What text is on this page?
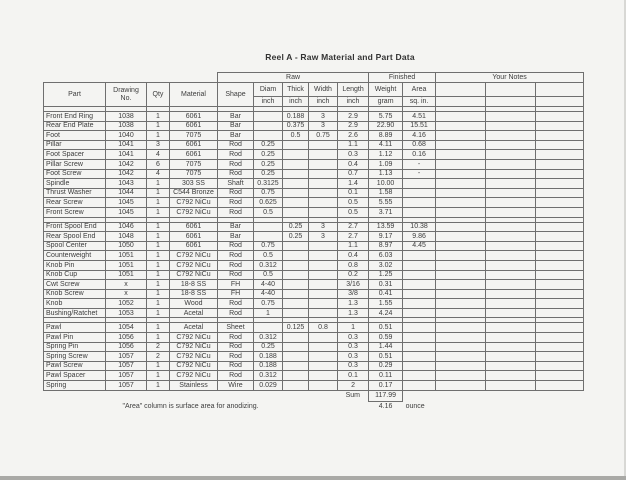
Reel A - Raw Material and Part Data
				Raw					Finished		Your Notes		
Part	Drawing No.	Qty	Material	Shape	Diam	Thick	Width	Length	Weight	Area			
					inch	inch	inch	inch	gram	sq. in.			

Front End Ring	1038	1	6061	Bar		0.188	3	2.9	5.75	4.51			
Rear End Plate	1038	1	6061	Bar		0.375	3	2.9	22.90	15.51			
Foot	1040	1	7075	Bar		0.5	0.75	2.6	8.89	4.16			
Pillar	1041	3	6061	Rod	0.25			1.1	4.11	0.68			
Foot Spacer	1041	4	6061	Rod	0.25			0.3	1.12	0.16			
Pillar Screw	1042	6	7075	Rod	0.25			0.4	1.09	-			
Foot Screw	1042	4	7075	Rod	0.25			0.7	1.13	-			
Spindle	1043	1	303 SS	Shaft	0.3125			1.4	10.00				
Thrust Washer	1044	1	C544 Bronze	Rod	0.75			0.1	1.58				
Rear Screw	1045	1	C792 NiCu	Rod	0.625			0.5	5.55				
Front Screw	1045	1	C792 NiCu	Rod	0.5			0.5	3.71				

Front Spool End	1046	1	6061	Bar		0.25	3	2.7	13.59	10.38			
Rear Spool End	1048	1	6061	Bar		0.25	3	2.7	9.17	9.86			
Spool Center	1050	1	6061	Rod	0.75			1.1	8.97	4.45			
Counterweight	1051	1	C792 NiCu	Rod	0.5			0.4	6.03				
Knob Pin	1051	1	C792 NiCu	Rod	0.312			0.8	3.02				
Knob Cup	1051	1	C792 NiCu	Rod	0.5			0.2	1.25				
Cwt Screw	x	1	18-8 SS	FH	4-40			3/16	0.31				
Knob Screw	x	1	18-8 SS	FH	4-40			3/8	0.41				
Knob	1052	1	Wood	Rod	0.75			1.3	1.55				
Bushing/Ratchet	1053	1	Acetal	Rod	1			1.3	4.24				

Pawl	1054	1	Acetal	Sheet		0.125	0.8	1	0.51				
Pawl Pin	1056	1	C792 NiCu	Rod	0.312			0.3	0.59				
Spring Pin	1056	2	C792 NiCu	Rod	0.25			0.3	1.44				
Spring Screw	1057	2	C792 NiCu	Rod	0.188			0.3	0.51				
Pawl Screw	1057	1	C792 NiCu	Rod	0.188			0.3	0.29				
Pawl Spacer	1057	1	C792 NiCu	Rod	0.312			0.1	0.11				
Spring	1057	1	Stainless	Wire	0.029			2	0.17				
								Sum	117.99				
"Area" column is surface area for anodizing.									4.16	ounce			
